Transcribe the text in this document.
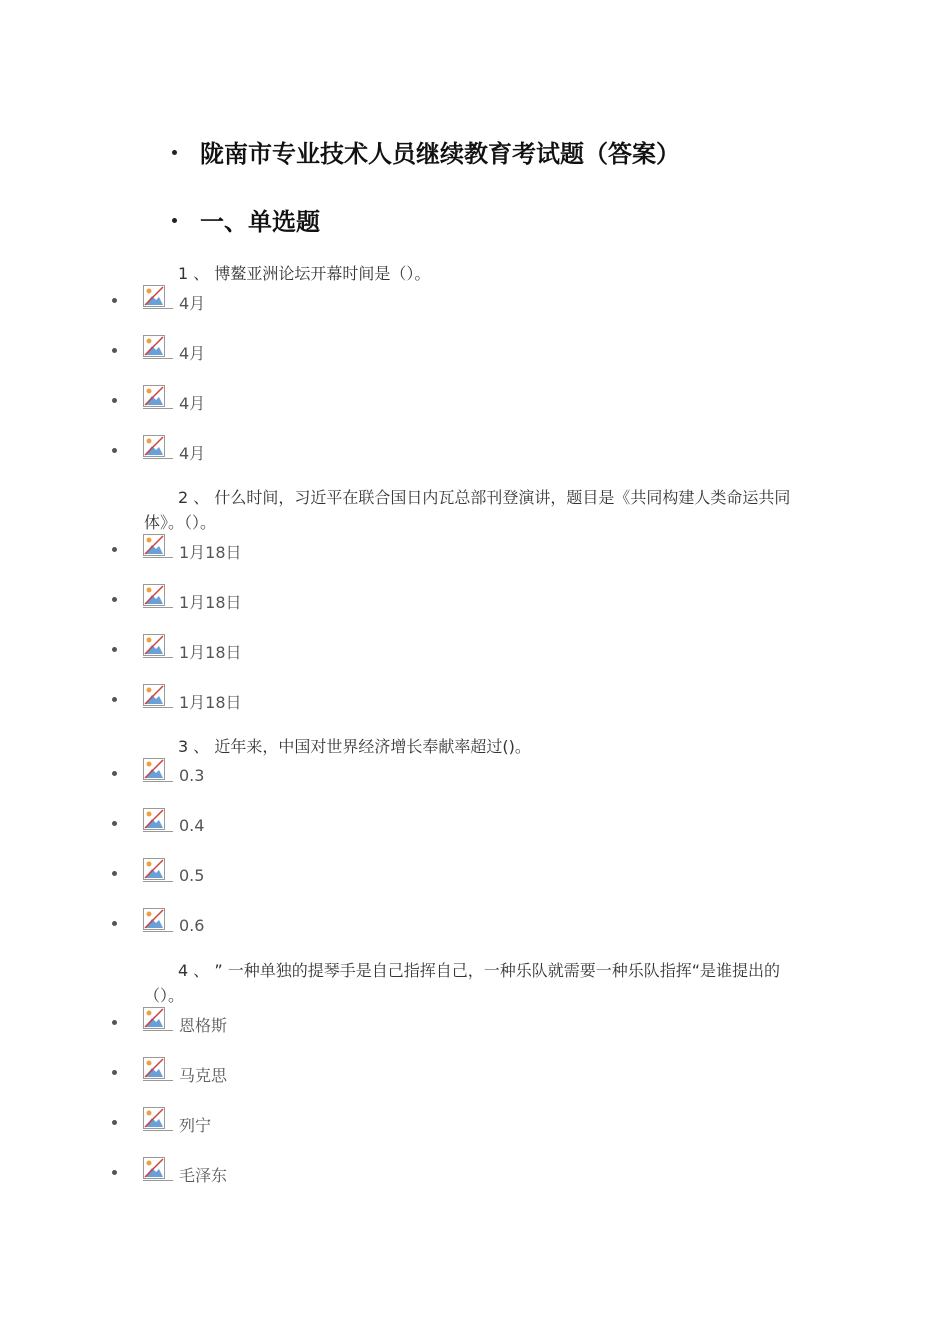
陇南市专业技术人员继续教育考试题（答案）
一、单选题
1 、 博鳌亚洲论坛开幕时间是（）。
4月
4月
4月
4月
2 、 什么时间，习近平在联合国日内瓦总部刊登演讲，题目是《共同构建人类命运共同体》。（）。
1月18日
1月18日
1月18日
1月18日
3 、 近年来，中国对世界经济增长奉献率超过()。
0.3
0.4
0.5
0.6
4 、 ” 一种单独的提琴手是自己指挥自己，一种乐队就需要一种乐队指挥“是谁提出的（）。
恩格斯
马克思
列宁
毛泽东
